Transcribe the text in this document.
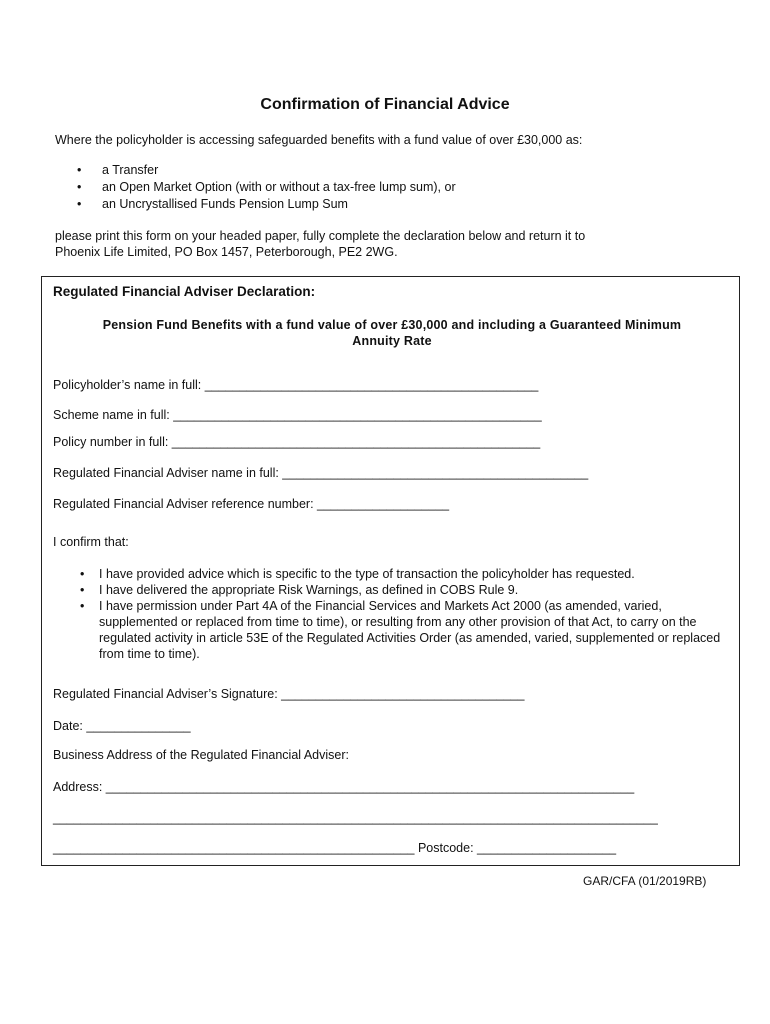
Confirmation of Financial Advice
Where the policyholder is accessing safeguarded benefits with a fund value of over £30,000 as:
• a Transfer
• an Open Market Option (with or without a tax-free lump sum), or
• an Uncrystallised Funds Pension Lump Sum
please print this form on your headed paper, fully complete the declaration below and return it to
Phoenix Life Limited, PO Box 1457, Peterborough, PE2 2WG.
Regulated Financial Adviser Declaration:
Pension Fund Benefits with a fund value of over £30,000 and including a Guaranteed Minimum
Annuity Rate
Policyholder’s name in full: ________________________________________________
Scheme name in full: _____________________________________________________
Policy number in full: _____________________________________________________
Regulated Financial Adviser name in full: ____________________________________________
Regulated Financial Adviser reference number: ___________________
I confirm that:
• I have provided advice which is specific to the type of transaction the policyholder has requested.
• I have delivered the appropriate Risk Warnings, as defined in COBS Rule 9.
• I have permission under Part 4A of the Financial Services and Markets Act 2000 (as amended, varied, supplemented or replaced from time to time), or resulting from any other provision of that Act, to carry on the regulated activity in article 53E of the Regulated Activities Order (as amended, varied, supplemented or replaced from time to time).
Regulated Financial Adviser’s Signature: ___________________________________
Date: _______________
Business Address of the Regulated Financial Adviser:
Address: ____________________________________________________________________________
_______________________________________________________________________________________
____________________________________________________ Postcode: ____________________
GAR/CFA (01/2019RB)
